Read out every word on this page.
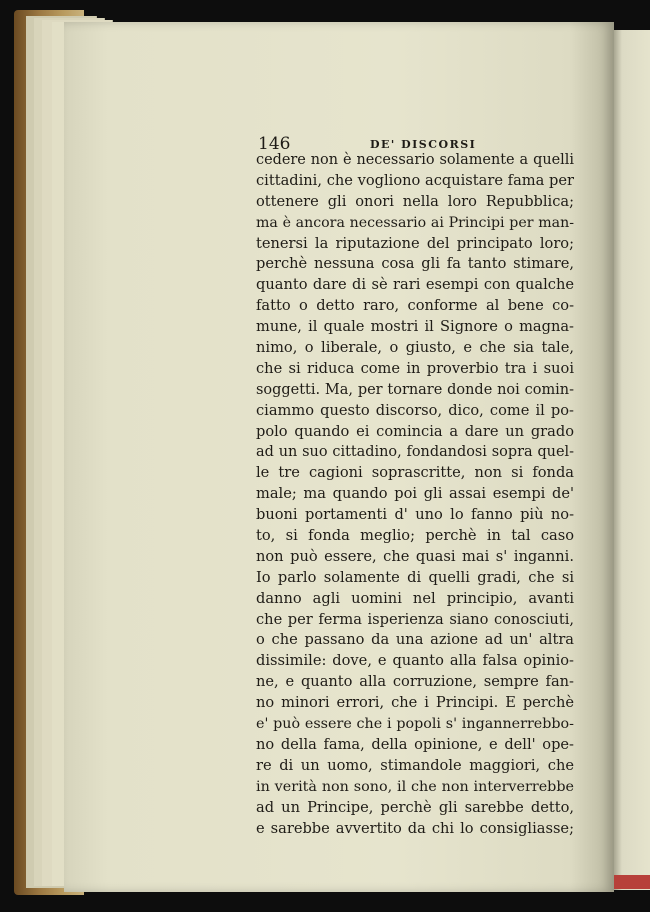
146	DE' DISCORSI
cedere non è necessario solamente a quelli
cittadini, che vogliono acquistare fama per
ottenere gli onori nella loro Repubblica;
ma è ancora necessario ai Principi per man-
tenersi la riputazione del principato loro;
perchè nessuna cosa gli fa tanto stimare,
quanto dare di sè rari esempi con qualche
fatto o detto raro, conforme al bene co-
mune, il quale mostri il Signore o magna-
nimo, o liberale, o giusto, e che sia tale,
che si riduca come in proverbio tra i suoi
soggetti. Ma, per tornare donde noi comin-
ciammo questo discorso, dico, come il po-
polo quando ei comincia a dare un grado
ad un suo cittadino, fondandosi sopra quel-
le tre cagioni soprascritte, non si fonda
male; ma quando poi gli assai esempi de'
buoni portamenti d' uno lo fanno più no-
to, si fonda meglio; perchè in tal caso
non può essere, che quasi mai s' inganni.
Io parlo solamente di quelli gradi, che si
danno agli uomini nel principio, avanti
che per ferma isperienza siano conosciuti,
o che passano da una azione ad un' altra
dissimile: dove, e quanto alla falsa opinio-
ne, e quanto alla corruzione, sempre fan-
no minori errori, che i Principi. E perchè
e' può essere che i popoli s' ingannerrebbo-
no della fama, della opinione, e dell' ope-
re di un uomo, stimandole maggiori, che
in verità non sono, il che non interverrebbe
ad un Principe, perchè gli sarebbe detto,
e sarebbe avvertito da chi lo consigliasse;
